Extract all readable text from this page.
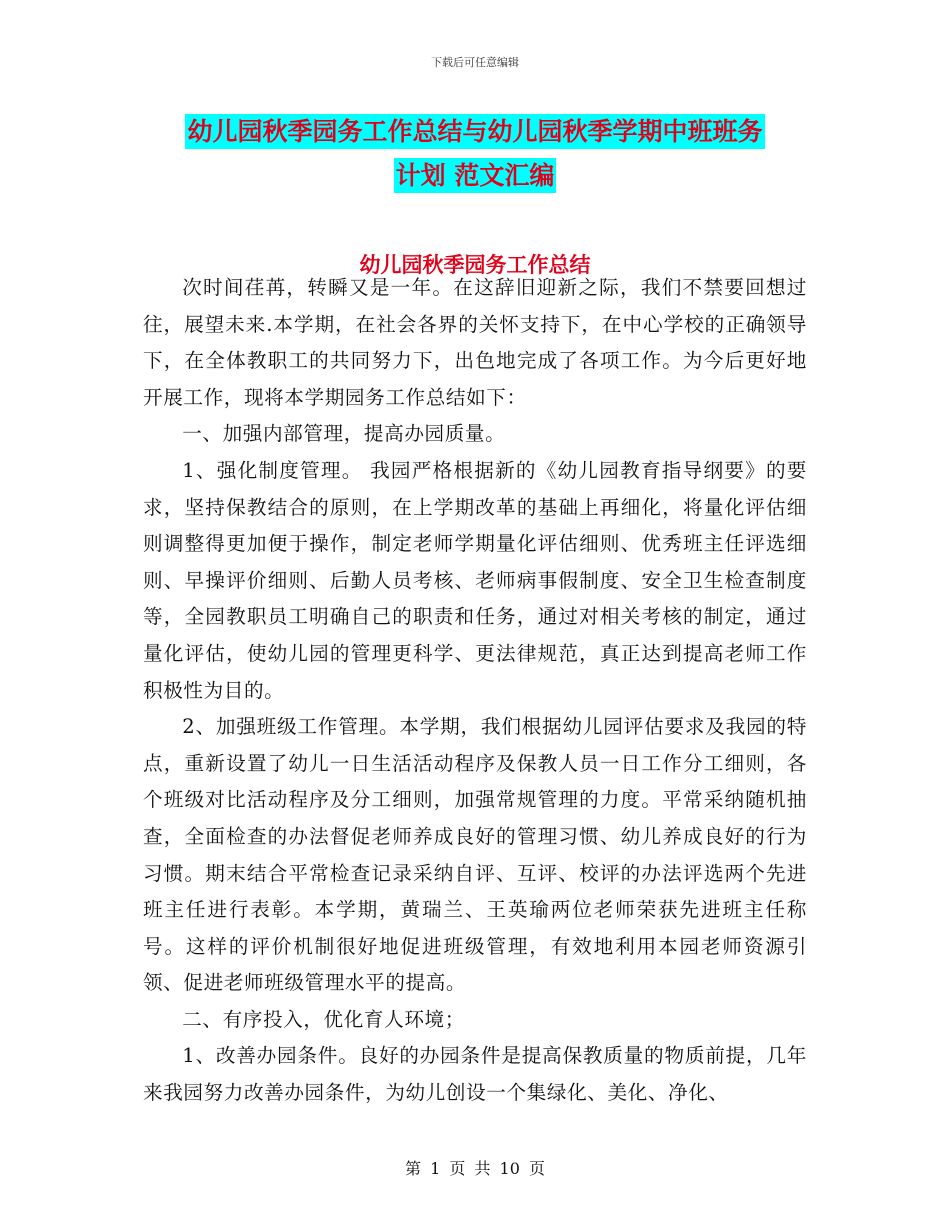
下载后可任意编辑
幼儿园秋季园务工作总结与幼儿园秋季学期中班班务
计划 范文汇编
幼儿园秋季园务工作总结

次时间荏苒，转瞬又是一年。在这辞旧迎新之际，我们不禁要回想过往，展望未来.本学期，在社会各界的关怀支持下，在中心学校的正确领导下，在全体教职工的共同努力下，出色地完成了各项工作。为今后更好地开展工作，现将本学期园务工作总结如下：

一、加强内部管理，提高办园质量。

1、强化制度管理。 我园严格根据新的《幼儿园教育指导纲要》的要求，坚持保教结合的原则，在上学期改革的基础上再细化，将量化评估细则调整得更加便于操作，制定老师学期量化评估细则、优秀班主任评选细则、早操评价细则、后勤人员考核、老师病事假制度、安全卫生检查制度等，全园教职员工明确自己的职责和任务，通过对相关考核的制定，通过量化评估，使幼儿园的管理更科学、更法律规范，真正达到提高老师工作积极性为目的。

2、加强班级工作管理。本学期，我们根据幼儿园评估要求及我园的特点，重新设置了幼儿一日生活活动程序及保教人员一日工作分工细则，各个班级对比活动程序及分工细则，加强常规管理的力度。平常采纳随机抽查，全面检查的办法督促老师养成良好的管理习惯、幼儿养成良好的行为习惯。期末结合平常检查记录采纳自评、互评、校评的办法评选两个先进班主任进行表彰。本学期，黄瑞兰、王英瑜两位老师荣获先进班主任称号。这样的评价机制很好地促进班级管理，有效地利用本园老师资源引领、促进老师班级管理水平的提高。

二、有序投入，优化育人环境；

1、改善办园条件。良好的办园条件是提高保教质量的物质前提，几年来我园努力改善办园条件，为幼儿创设一个集绿化、美化、净化、

第 1 页 共 10 页
